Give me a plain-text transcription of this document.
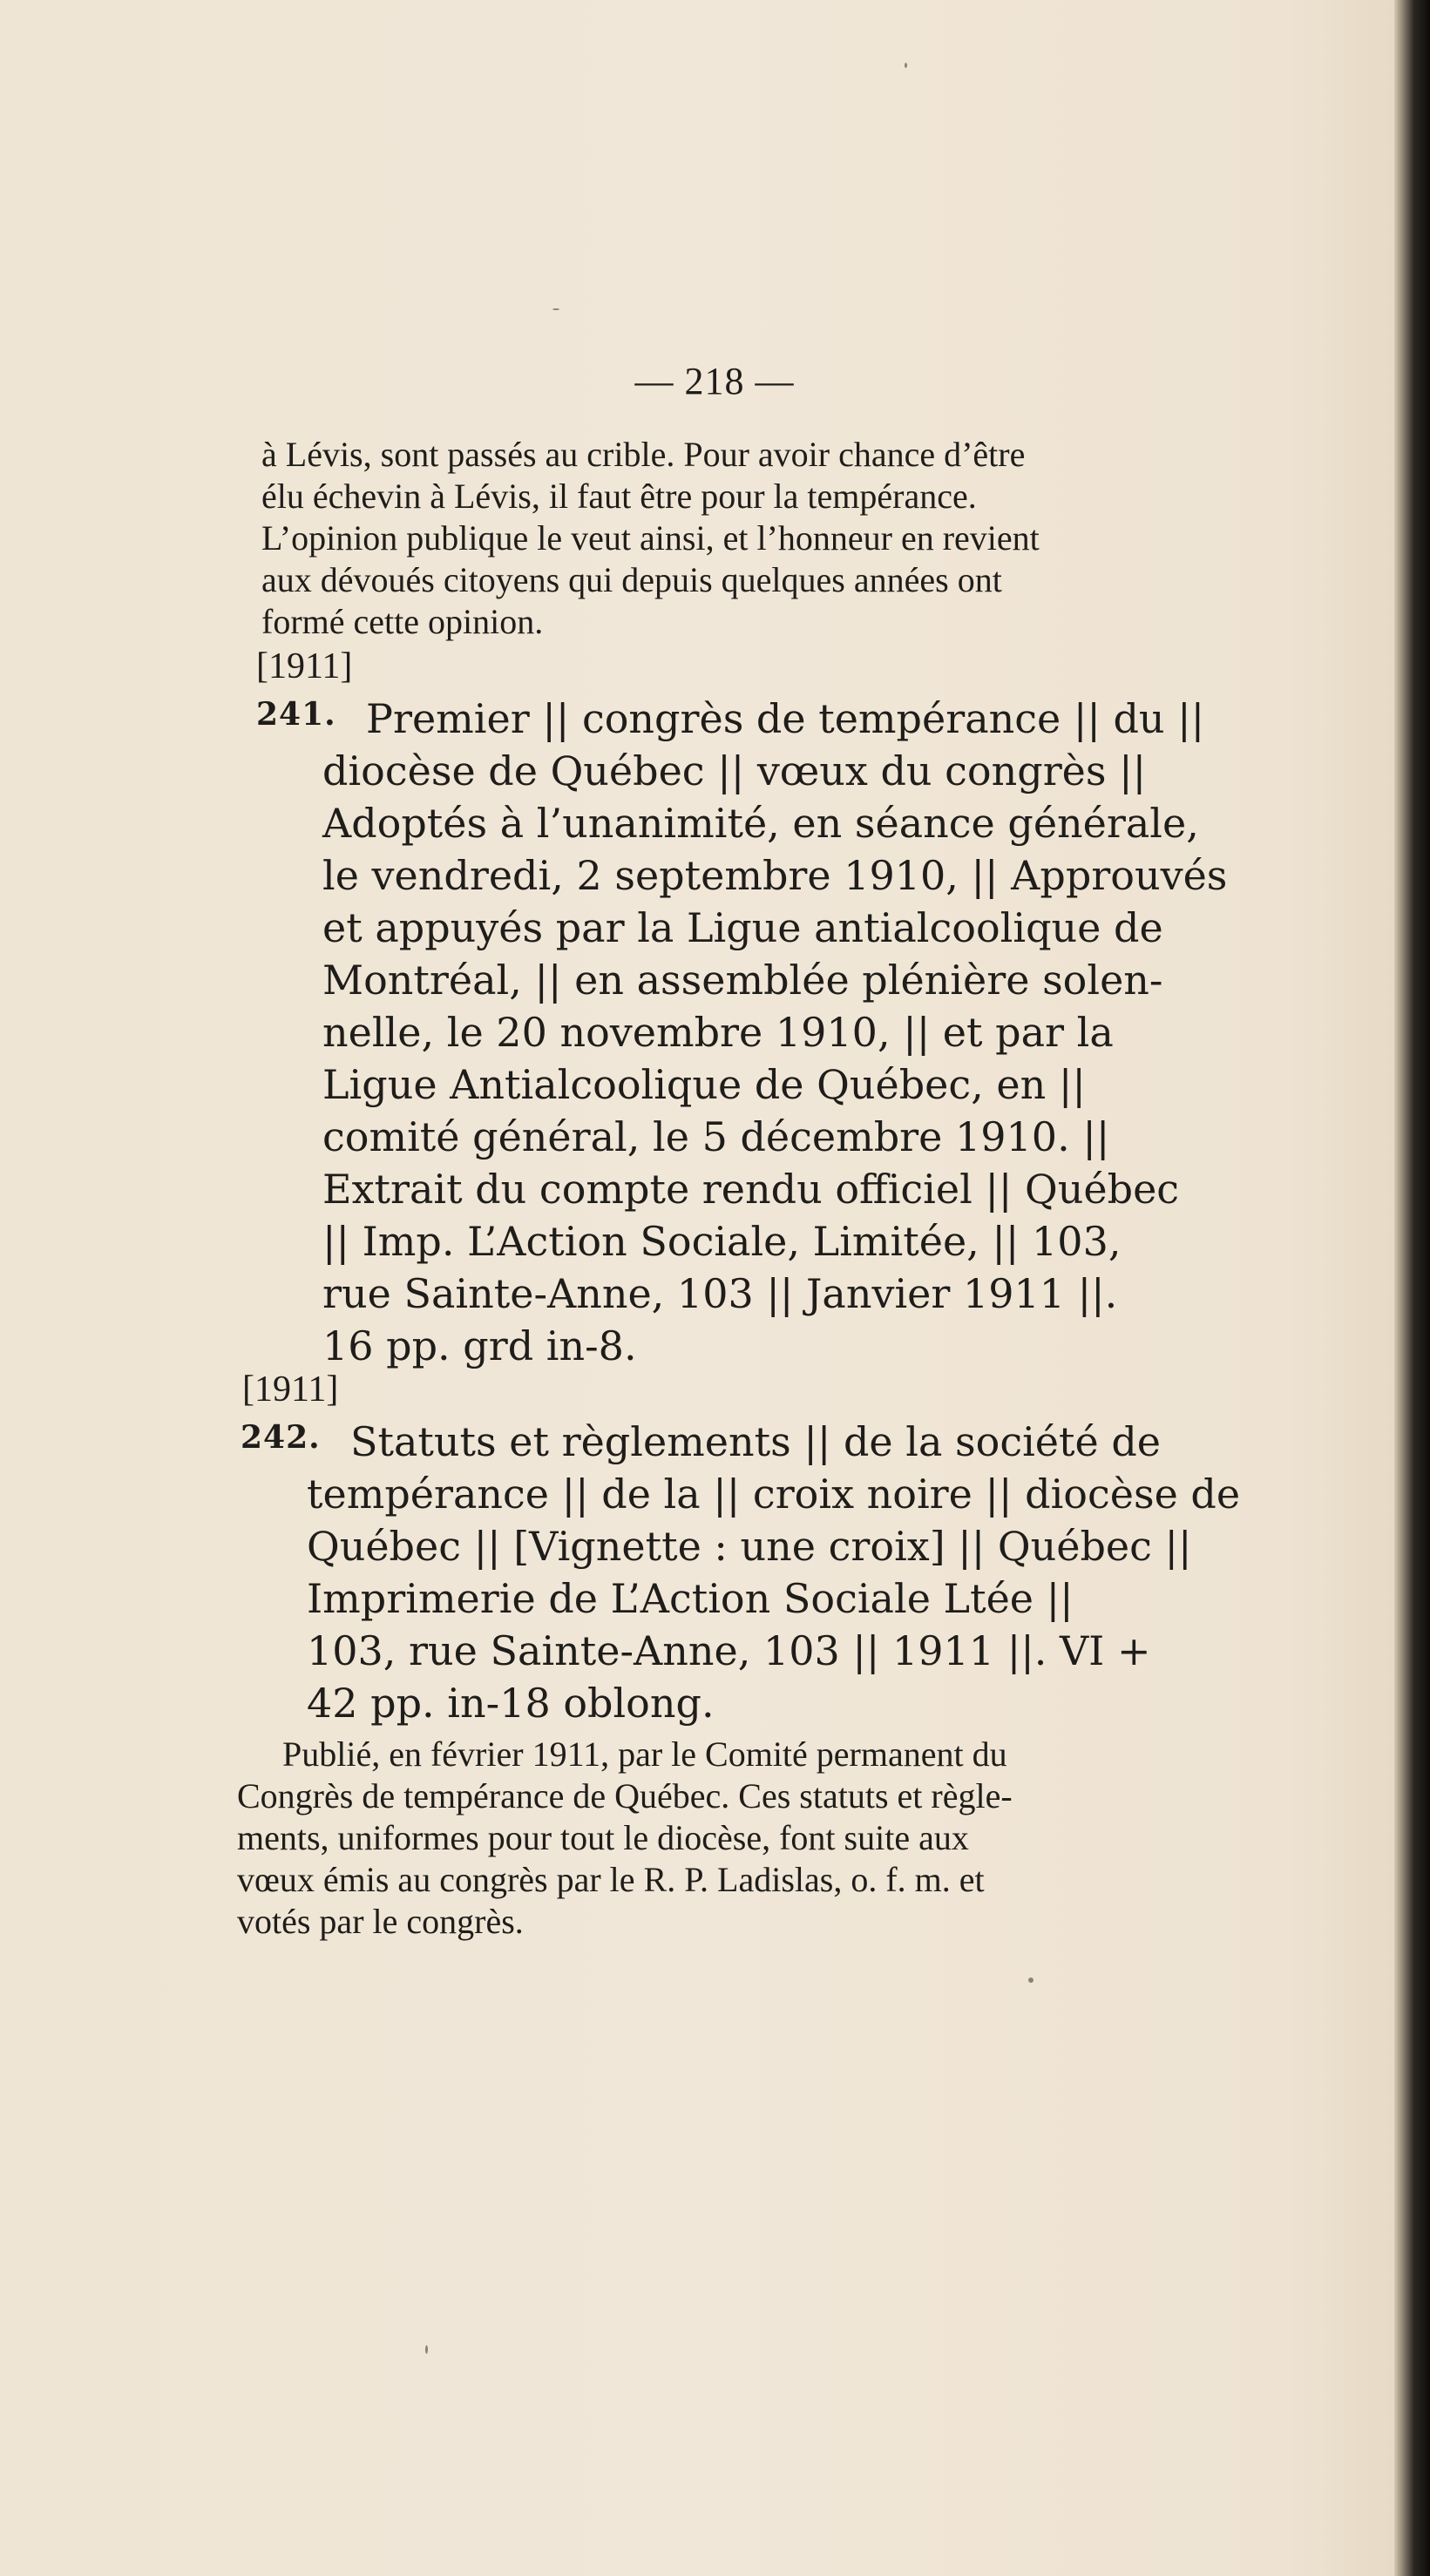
— 218 —
à Lévis, sont passés au crible. Pour avoir chance d’être
élu échevin à Lévis, il faut être pour la tempérance.
L’opinion publique le veut ainsi, et l’honneur en revient
aux dévoués citoyens qui depuis quelques années ont
formé cette opinion.
[1911]
241. Premier || congrès de tempérance || du ||
diocèse de Québec || vœux du congrès ||
Adoptés à l’unanimité, en séance générale,
le vendredi, 2 septembre 1910, || Approuvés
et appuyés par la Ligue antialcoolique de
Montréal, || en assemblée plénière solen-
nelle, le 20 novembre 1910, || et par la
Ligue Antialcoolique de Québec, en ||
comité général, le 5 décembre 1910. ||
Extrait du compte rendu officiel || Québec
|| Imp. L’Action Sociale, Limitée, || 103,
rue Sainte-Anne, 103 || Janvier 1911 ||.
16 pp. grd in-8.
[1911]
242. Statuts et règlements || de la société de
tempérance || de la || croix noire || diocèse de
Québec || [Vignette : une croix] || Québec ||
Imprimerie de L’Action Sociale Ltée ||
103, rue Sainte-Anne, 103 || 1911 ||. VI +
42 pp. in-18 oblong.
Publié, en février 1911, par le Comité permanent du
Congrès de tempérance de Québec. Ces statuts et règle-
ments, uniformes pour tout le diocèse, font suite aux
vœux émis au congrès par le R. P. Ladislas, o. f. m. et
votés par le congrès.
